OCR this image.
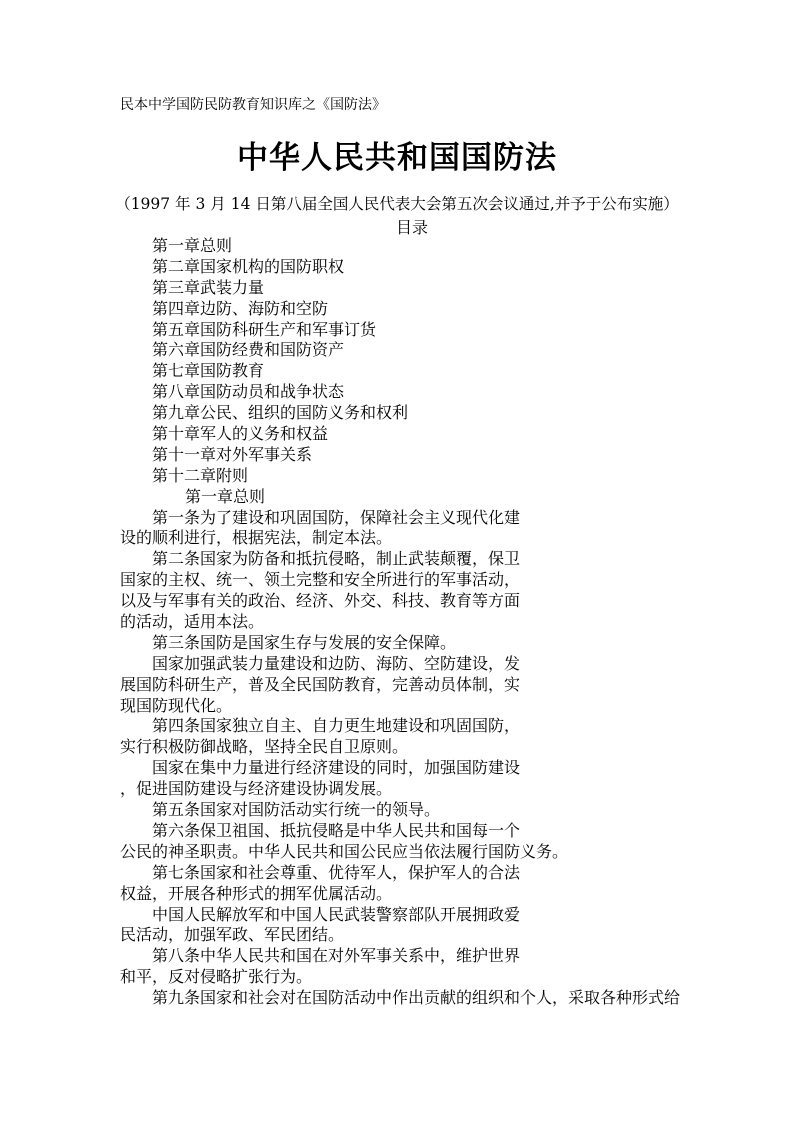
民本中学国防民防教育知识库之《国防法》
中华人民共和国国防法
（1997 年 3 月 14 日第八届全国人民代表大会第五次会议通过,并予于公布实施）
目录
第一章总则
第二章国家机构的国防职权
第三章武装力量
第四章边防、海防和空防
第五章国防科研生产和军事订货
第六章国防经费和国防资产
第七章国防教育
第八章国防动员和战争状态
第九章公民、组织的国防义务和权利
第十章军人的义务和权益
第十一章对外军事关系
第十二章附则
第一章总则
第一条为了建设和巩固国防，保障社会主义现代化建
设的顺利进行，根据宪法，制定本法。
第二条国家为防备和抵抗侵略，制止武装颠覆，保卫
国家的主权、统一、领土完整和安全所进行的军事活动，
以及与军事有关的政治、经济、外交、科技、教育等方面
的活动，适用本法。
第三条国防是国家生存与发展的安全保障。
国家加强武装力量建设和边防、海防、空防建设，发
展国防科研生产，普及全民国防教育，完善动员体制，实
现国防现代化。
第四条国家独立自主、自力更生地建设和巩固国防，
实行积极防御战略，坚持全民自卫原则。
国家在集中力量进行经济建设的同时，加强国防建设
，促进国防建设与经济建设协调发展。
第五条国家对国防活动实行统一的领导。
第六条保卫祖国、抵抗侵略是中华人民共和国每一个
公民的神圣职责。中华人民共和国公民应当依法履行国防义务。
第七条国家和社会尊重、优待军人，保护军人的合法
权益，开展各种形式的拥军优属活动。
中国人民解放军和中国人民武装警察部队开展拥政爱
民活动，加强军政、军民团结。
第八条中华人民共和国在对外军事关系中，维护世界
和平，反对侵略扩张行为。
第九条国家和社会对在国防活动中作出贡献的组织和个人，采取各种形式给
